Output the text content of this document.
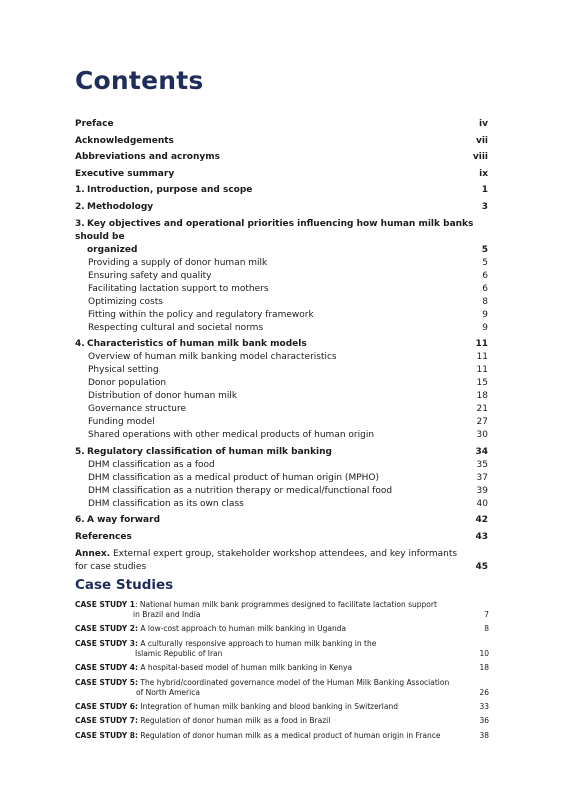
Contents
Preface	iv
Acknowledgements	vii
Abbreviations and acronyms	viii
Executive summary	ix
1. Introduction, purpose and scope	1
2. Methodology	3
3. Key objectives and operational priorities influencing how human milk banks should be
organized	5
Providing a supply of donor human milk	5
Ensuring safety and quality	6
Facilitating lactation support to mothers	6
Optimizing costs	8
Fitting within the policy and regulatory framework	9
Respecting cultural and societal norms	9
4. Characteristics of human milk bank models	11
Overview of human milk banking model characteristics	11
Physical setting	11
Donor population	15
Distribution of donor human milk	18
Governance structure	21
Funding model	27
Shared operations with other medical products of human origin	30
5. Regulatory classification of human milk banking	34
DHM classification as a food	35
DHM classification as a medical product of human origin (MPHO)	37
DHM classification as a nutrition therapy or medical/functional food	39
DHM classification as its own class	40
6. A way forward	42
References	43
Annex. External expert group, stakeholder workshop attendees, and key informants
for case studies	45
Case Studies
CASE STUDY 1: National human milk bank programmes designed to facilitate lactation support
in Brazil and India	7
CASE STUDY 2: A low-cost approach to human milk banking in Uganda	8
CASE STUDY 3: A culturally responsive approach to human milk banking in the
Islamic Republic of Iran	10
CASE STUDY 4: A hospital-based model of human milk banking in Kenya	18
CASE STUDY 5: The hybrid/coordinated governance model of the Human Milk Banking Association
of North America	26
CASE STUDY 6: Integration of human milk banking and blood banking in Switzerland	33
CASE STUDY 7: Regulation of donor human milk as a food in Brazil	36
CASE STUDY 8: Regulation of donor human milk as a medical product of human origin in France	38
